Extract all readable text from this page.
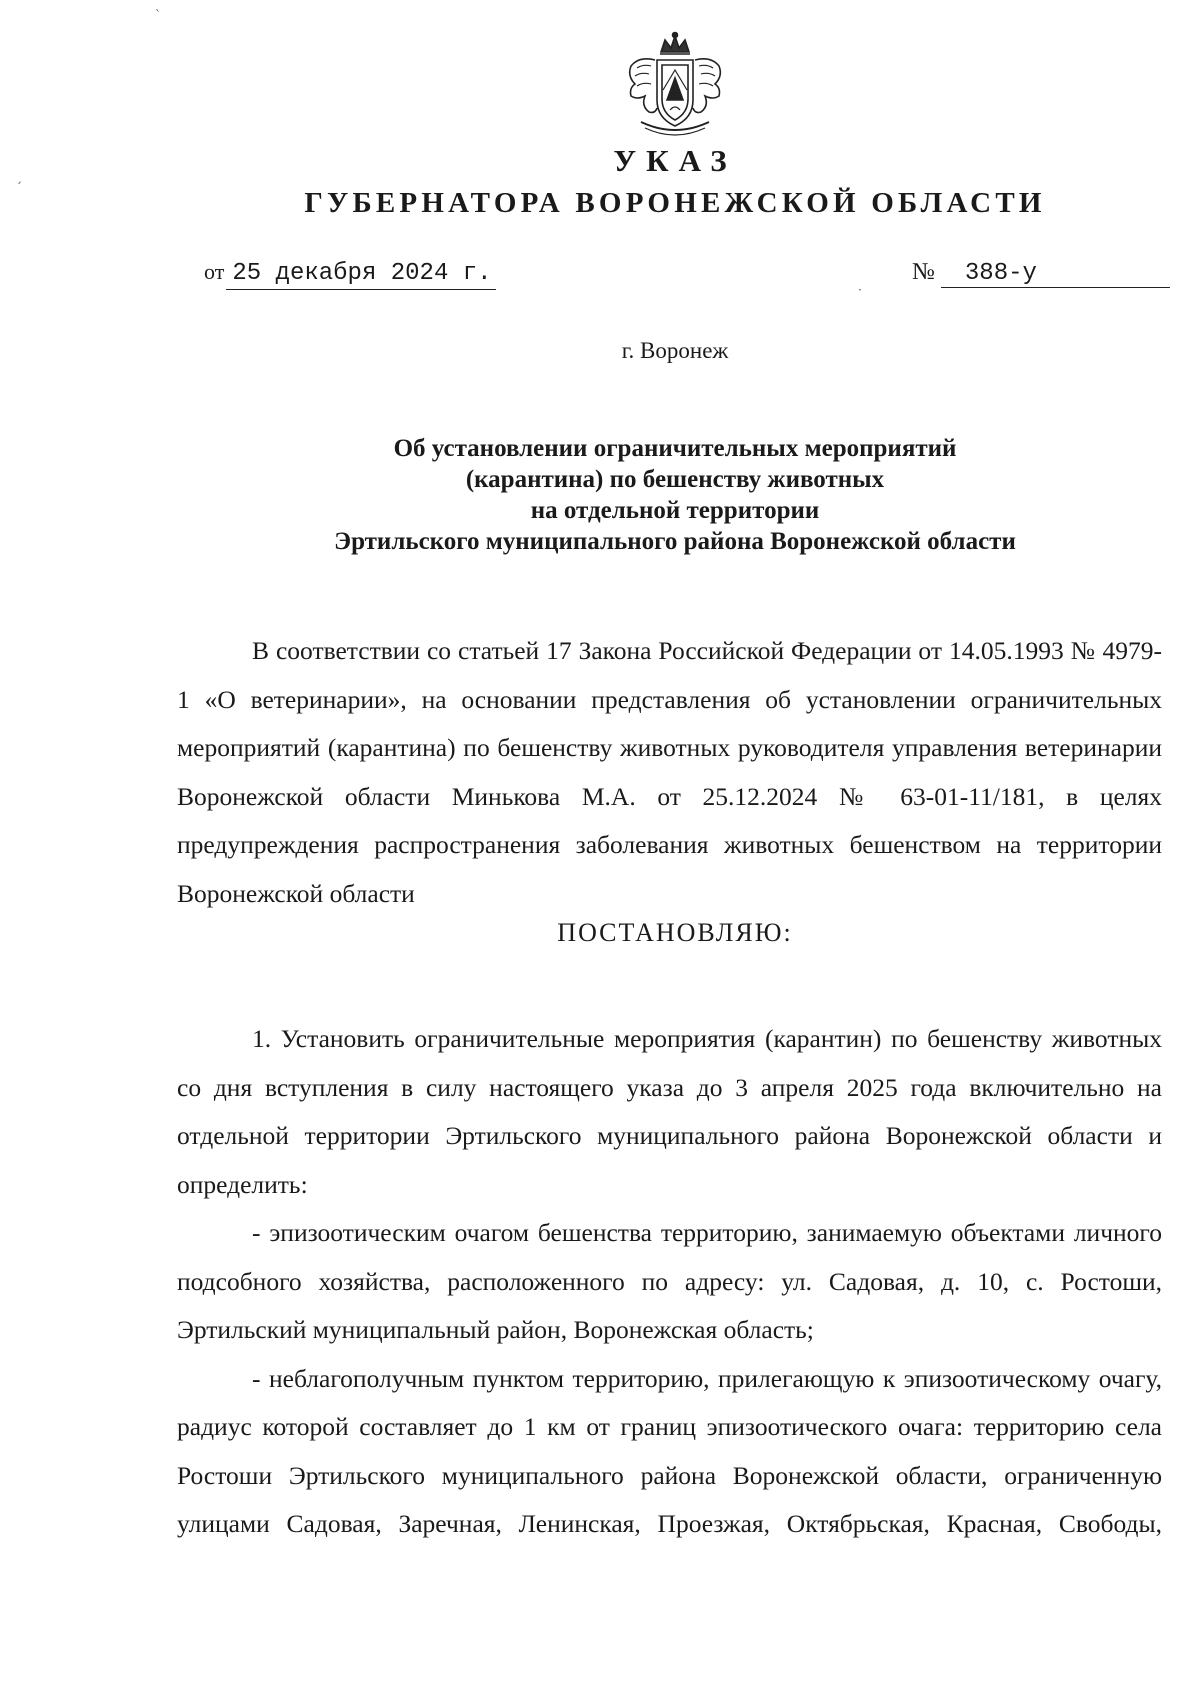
УКАЗ
ГУБЕРНАТОРА ВОРОНЕЖСКОЙ ОБЛАСТИ
от 25 декабря 2024 г.	№ 388-у
г. Воронеж
Об установлении ограничительных мероприятий
(карантина) по бешенству животных
на отдельной территории
Эртильского муниципального района Воронежской области

В соответствии со статьей 17 Закона Российской Федерации от 14.05.1993 № 4979-1 «О ветеринарии», на основании представления об установлении ограничительных мероприятий (карантина) по бешенству животных руководителя управления ветеринарии Воронежской области Минькова М.А. от 25.12.2024 № 63-01-11/181, в целях предупреждения распространения заболевания животных бешенством на территории Воронежской области

ПОСТАНОВЛЯЮ:

1. Установить ограничительные мероприятия (карантин) по бешенству животных со дня вступления в силу настоящего указа до 3 апреля 2025 года включительно на отдельной территории Эртильского муниципального района Воронежской области и определить:

- эпизоотическим очагом бешенства территорию, занимаемую объектами личного подсобного хозяйства, расположенного по адресу: ул. Садовая, д. 10, с. Ростоши, Эртильский муниципальный район, Воронежская область;

- неблагополучным пунктом территорию, прилегающую к эпизоотическому очагу, радиус которой составляет до 1 км от границ эпизоотического очага: территорию села Ростоши Эртильского муниципального района Воронежской области, ограниченную улицами Садовая, Заречная, Ленинская, Проезжая, Октябрьская, Красная, Свободы,

ˋ
ˏ
·
